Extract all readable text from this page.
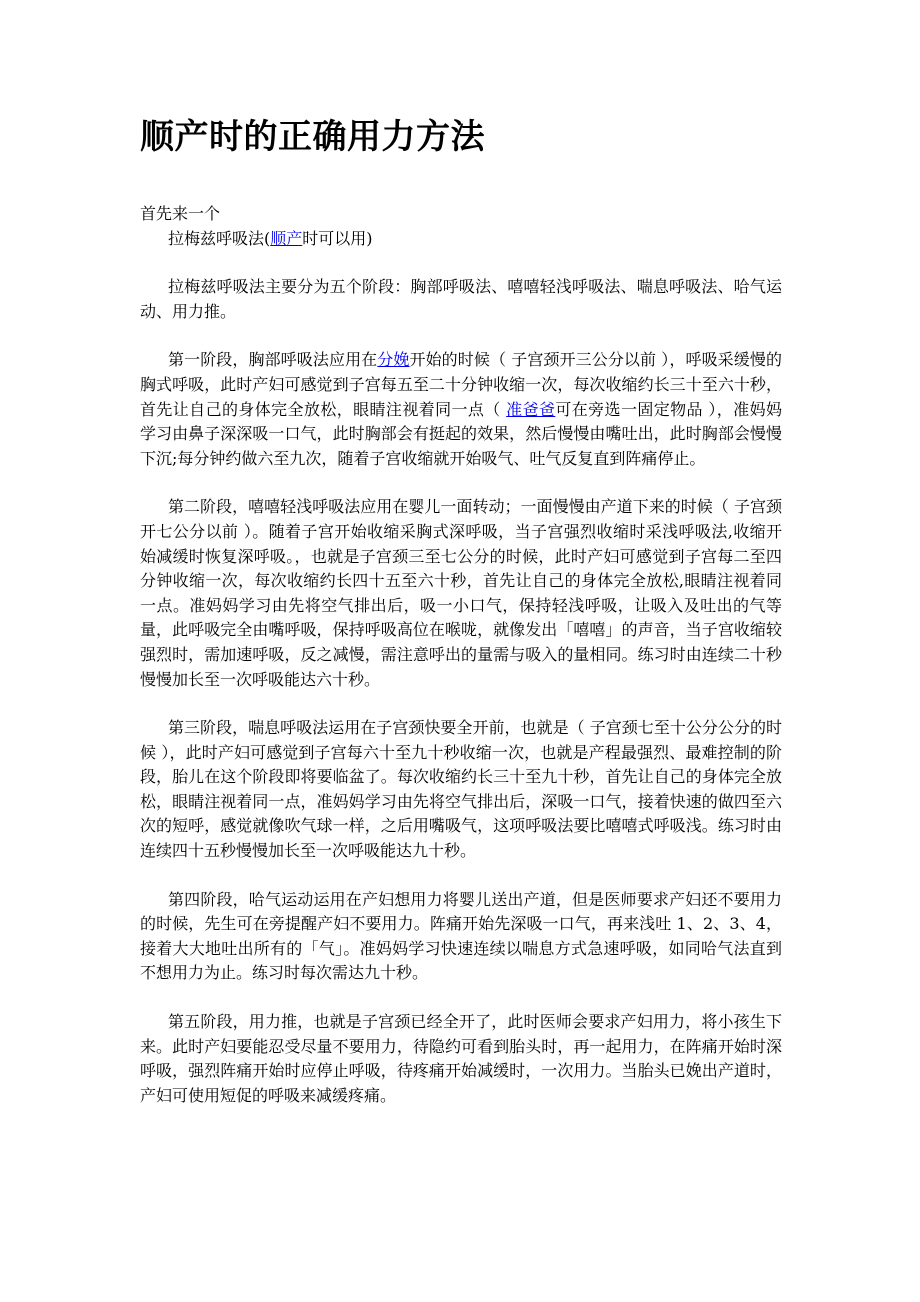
顺产时的正确用力方法

首先来一个

拉梅兹呼吸法(顺产时可以用)

拉梅兹呼吸法主要分为五个阶段：胸部呼吸法、嘻嘻轻浅呼吸法、喘息呼吸法、哈气运动、用力推。

第一阶段，胸部呼吸法应用在分娩开始的时候（ 子宫颈开三公分以前 ），呼吸采缓慢的胸式呼吸，此时产妇可感觉到子宫每五至二十分钟收缩一次，每次收缩约长三十至六十秒，首先让自己的身体完全放松，眼睛注视着同一点（ 准爸爸可在旁选一固定物品 ），准妈妈学习由鼻子深深吸一口气，此时胸部会有挺起的效果，然后慢慢由嘴吐出，此时胸部会慢慢下沉;每分钟约做六至九次，随着子宫收缩就开始吸气、吐气反复直到阵痛停止。

第二阶段，嘻嘻轻浅呼吸法应用在婴儿一面转动；一面慢慢由产道下来的时候（ 子宫颈开七公分以前 ）。随着子宫开始收缩采胸式深呼吸，当子宫强烈收缩时采浅呼吸法,收缩开始减缓时恢复深呼吸。，也就是子宫颈三至七公分的时候，此时产妇可感觉到子宫每二至四分钟收缩一次，每次收缩约长四十五至六十秒，首先让自己的身体完全放松,眼睛注视着同一点。准妈妈学习由先将空气排出后，吸一小口气，保持轻浅呼吸，让吸入及吐出的气等量，此呼吸完全由嘴呼吸，保持呼吸高位在喉咙，就像发出「嘻嘻」的声音，当子宫收缩较强烈时，需加速呼吸，反之减慢，需注意呼出的量需与吸入的量相同。练习时由连续二十秒慢慢加长至一次呼吸能达六十秒。

第三阶段，喘息呼吸法运用在子宫颈快要全开前，也就是（ 子宫颈七至十公分公分的时候 ），此时产妇可感觉到子宫每六十至九十秒收缩一次，也就是产程最强烈、最难控制的阶段，胎儿在这个阶段即将要临盆了。每次收缩约长三十至九十秒，首先让自己的身体完全放松，眼睛注视着同一点，准妈妈学习由先将空气排出后，深吸一口气，接着快速的做四至六次的短呼，感觉就像吹气球一样，之后用嘴吸气，这项呼吸法要比嘻嘻式呼吸浅。练习时由连续四十五秒慢慢加长至一次呼吸能达九十秒。

第四阶段，哈气运动运用在产妇想用力将婴儿送出产道，但是医师要求产妇还不要用力的时候，先生可在旁提醒产妇不要用力。阵痛开始先深吸一口气，再来浅吐 1、2、3、4，接着大大地吐出所有的「气」。准妈妈学习快速连续以喘息方式急速呼吸，如同哈气法直到不想用力为止。练习时每次需达九十秒。

第五阶段，用力推，也就是子宫颈已经全开了，此时医师会要求产妇用力，将小孩生下来。此时产妇要能忍受尽量不要用力，待隐约可看到胎头时，再一起用力，在阵痛开始时深呼吸，强烈阵痛开始时应停止呼吸，待疼痛开始减缓时，一次用力。当胎头已娩出产道时，产妇可使用短促的呼吸来减缓疼痛。
